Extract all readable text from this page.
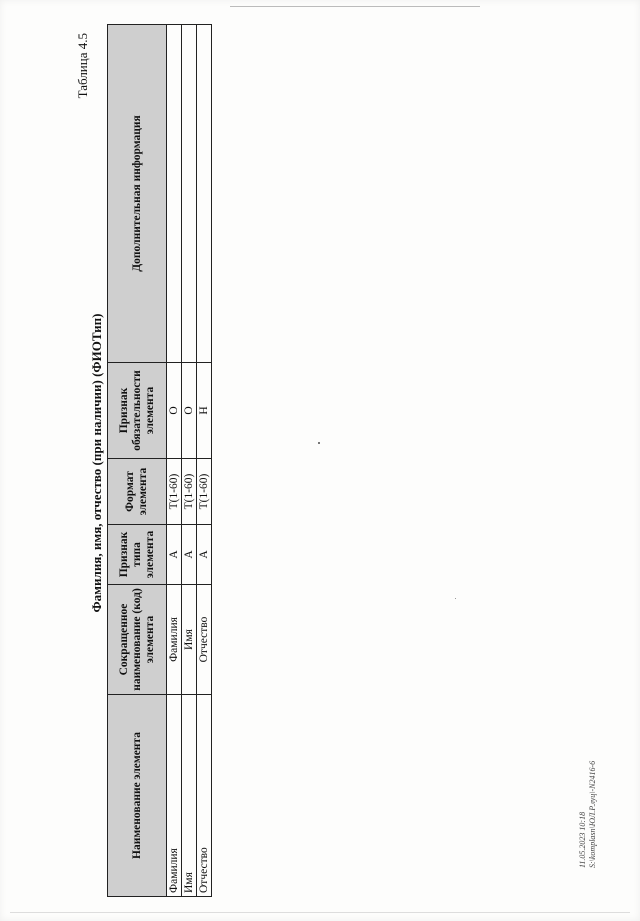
Таблица 4.5
Фамилия, имя, отчество (при наличии) (ФИОТип)
Наименование элемента	Сокращенное наименование (код) элемента	Признак типа элемента	Формат элемента	Признак обязательности элемента	Дополнительная информация
Фамилия	Фамилия	А	T(1-60)	О	
Имя	Имя	А	T(1-60)	О	
Отчество	Отчество	А	T(1-60)	Н	
11.05.2023 10:18 S:\komplasn\ЮЛ.Р.луц\-N2416-6
